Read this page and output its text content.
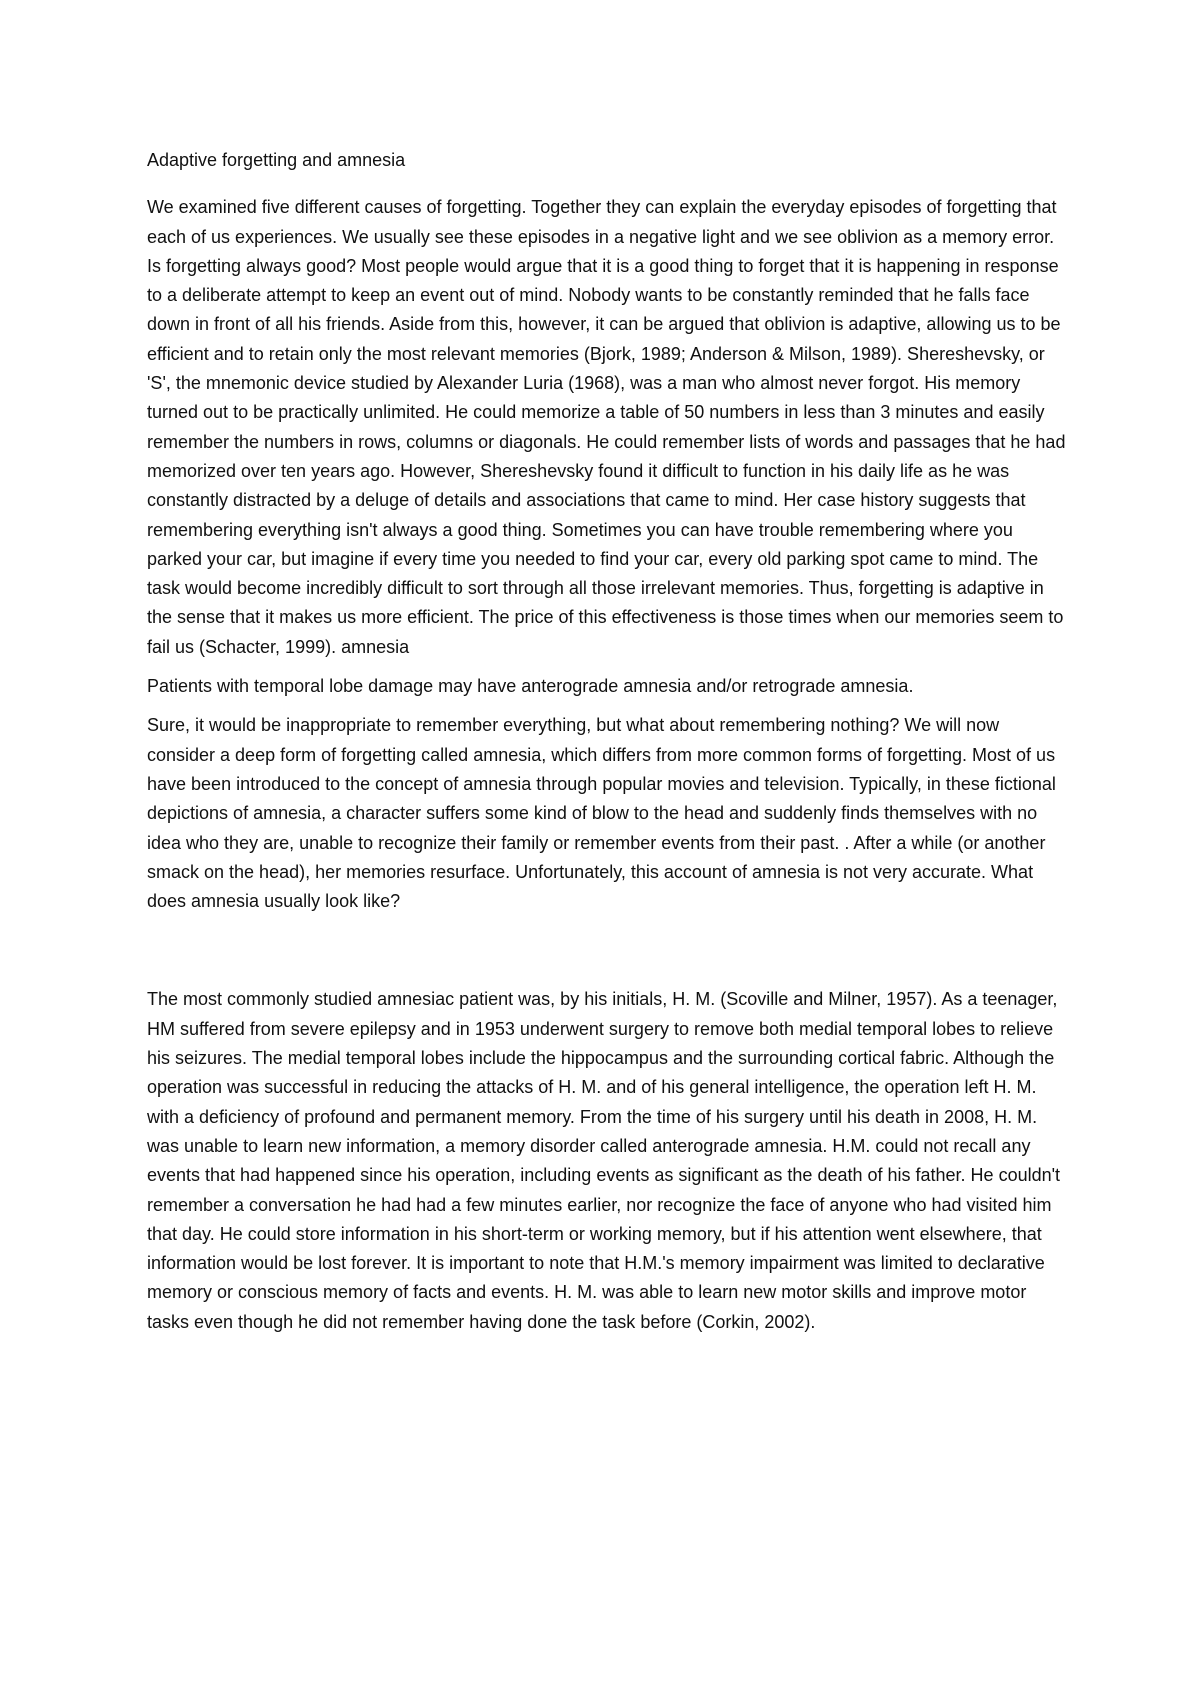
Adaptive forgetting and amnesia

We examined five different causes of forgetting. Together they can explain the everyday episodes of forgetting that each of us experiences. We usually see these episodes in a negative light and we see oblivion as a memory error. Is forgetting always good? Most people would argue that it is a good thing to forget that it is happening in response to a deliberate attempt to keep an event out of mind. Nobody wants to be constantly reminded that he falls face down in front of all his friends. Aside from this, however, it can be argued that oblivion is adaptive, allowing us to be efficient and to retain only the most relevant memories (Bjork, 1989; Anderson & Milson, 1989). Shereshevsky, or 'S', the mnemonic device studied by Alexander Luria (1968), was a man who almost never forgot. His memory turned out to be practically unlimited. He could memorize a table of 50 numbers in less than 3 minutes and easily remember the numbers in rows, columns or diagonals. He could remember lists of words and passages that he had memorized over ten years ago. However, Shereshevsky found it difficult to function in his daily life as he was constantly distracted by a deluge of details and associations that came to mind. Her case history suggests that remembering everything isn't always a good thing. Sometimes you can have trouble remembering where you parked your car, but imagine if every time you needed to find your car, every old parking spot came to mind. The task would become incredibly difficult to sort through all those irrelevant memories. Thus, forgetting is adaptive in the sense that it makes us more efficient. The price of this effectiveness is those times when our memories seem to fail us (Schacter, 1999). amnesia

Patients with temporal lobe damage may have anterograde amnesia and/or retrograde amnesia.

Sure, it would be inappropriate to remember everything, but what about remembering nothing? We will now consider a deep form of forgetting called amnesia, which differs from more common forms of forgetting. Most of us have been introduced to the concept of amnesia through popular movies and television. Typically, in these fictional depictions of amnesia, a character suffers some kind of blow to the head and suddenly finds themselves with no idea who they are, unable to recognize their family or remember events from their past. . After a while (or another smack on the head), her memories resurface. Unfortunately, this account of amnesia is not very accurate. What does amnesia usually look like?

The most commonly studied amnesiac patient was, by his initials, H. M. (Scoville and Milner, 1957). As a teenager, HM suffered from severe epilepsy and in 1953 underwent surgery to remove both medial temporal lobes to relieve his seizures. The medial temporal lobes include the hippocampus and the surrounding cortical fabric. Although the operation was successful in reducing the attacks of H. M. and of his general intelligence, the operation left H. M. with a deficiency of profound and permanent memory. From the time of his surgery until his death in 2008, H. M. was unable to learn new information, a memory disorder called anterograde amnesia. H.M. could not recall any events that had happened since his operation, including events as significant as the death of his father. He couldn't remember a conversation he had had a few minutes earlier, nor recognize the face of anyone who had visited him that day. He could store information in his short-term or working memory, but if his attention went elsewhere, that information would be lost forever. It is important to note that H.M.'s memory impairment was limited to declarative memory or conscious memory of facts and events. H. M. was able to learn new motor skills and improve motor tasks even though he did not remember having done the task before (Corkin, 2002).
